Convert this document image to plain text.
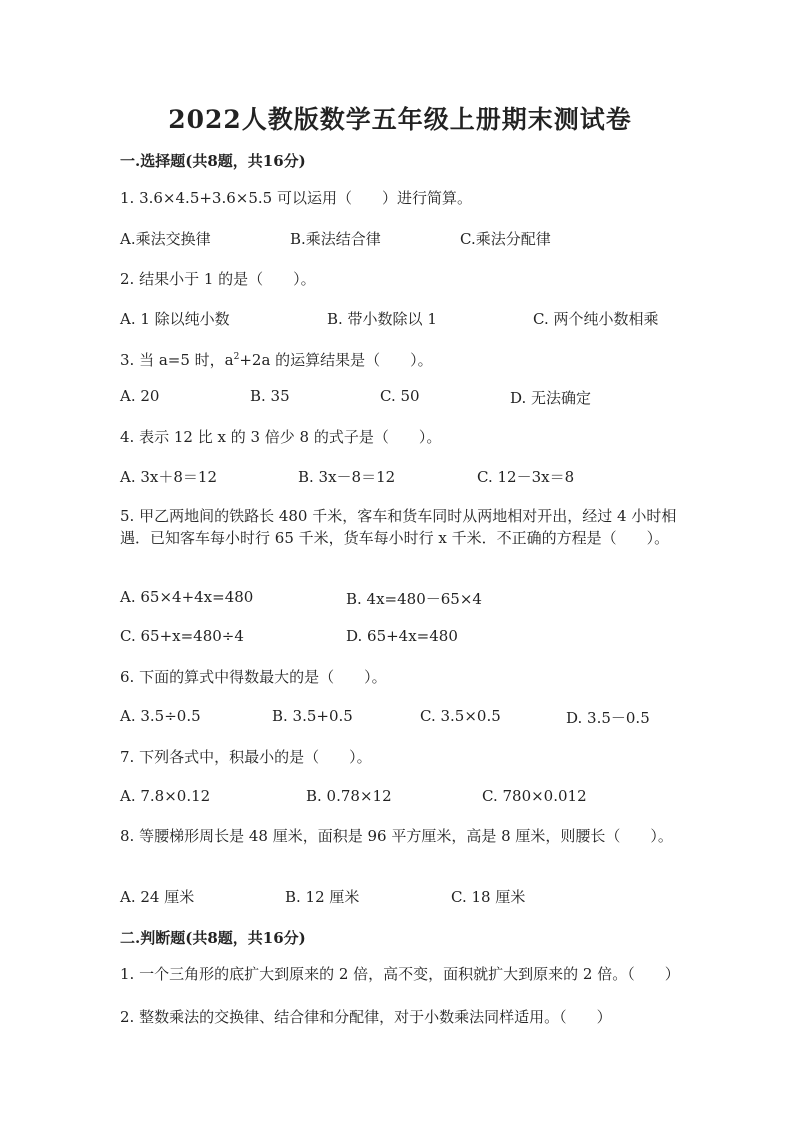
2022人教版数学五年级上册期末测试卷
一.选择题(共8题，共16分)
1. 3.6×4.5+3.6×5.5 可以运用（　　）进行简算。
A.乘法交换律	B.乘法结合律	C.乘法分配律
2. 结果小于 1 的是（　　）。
A. 1 除以纯小数	B. 带小数除以 1	C. 两个纯小数相乘
3. 当 a=5 时，$a^2+2a$ 的运算结果是（　　）。
A. 20	B. 35	C. 50	D. 无法确定
4. 表示 12 比 x 的 3 倍少 8 的式子是（　　）。
A. 3x＋8＝12	B. 3x－8＝12	C. 12－3x＝8
5. 甲乙两地间的铁路长 480 千米，客车和货车同时从两地相对开出，经过 4 小时相遇．已知客车每小时行 65 千米，货车每小时行 x 千米．不正确的方程是（　　）。
A. 65×4+4x=480	B. 4x=480－65×4
C. 65+x=480÷4	D. 65+4x=480
6. 下面的算式中得数最大的是（　　）。
A. 3.5÷0.5	B. 3.5+0.5	C. 3.5×0.5	D. 3.5－0.5
7. 下列各式中，积最小的是（　　）。
A. 7.8×0.12	B. 0.78×12	C. 780×0.012
8. 等腰梯形周长是 48 厘米，面积是 96 平方厘米，高是 8 厘米，则腰长（　　）。
A. 24 厘米	B. 12 厘米	C. 18 厘米
二.判断题(共8题，共16分)
1. 一个三角形的底扩大到原来的 2 倍，高不变，面积就扩大到原来的 2 倍。（　　）
2. 整数乘法的交换律、结合律和分配律，对于小数乘法同样适用。（　　）
